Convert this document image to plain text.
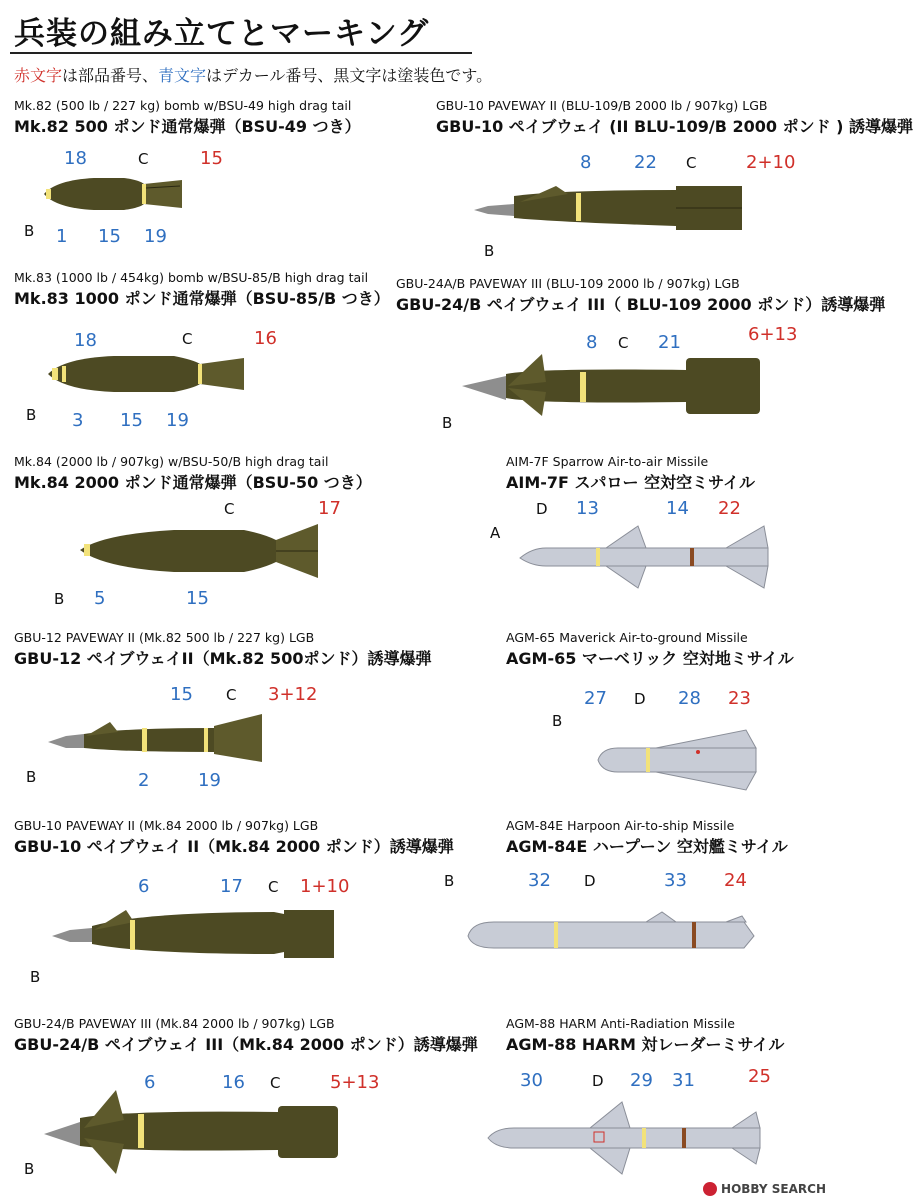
兵装の組み立てとマーキング
赤文字は部品番号、青文字はデカール番号、黒文字は塗装色です。
Mk.82 (500 lb / 227 kg) bomb w/BSU-49 high drag tail
Mk.82 500 ポンド通常爆弾（BSU-49 つき）
18	C	15
B 1 15 19
GBU-10 PAVEWAY II (BLU-109/B 2000 lb / 907kg) LGB
GBU-10 ペイブウェイ (II BLU-109/B 2000 ポンド ) 誘導爆弾
8 22 C	2+10
B
Mk.83 (1000 lb / 454kg) bomb w/BSU-85/B high drag tail
Mk.83 1000 ポンド通常爆弾（BSU-85/B つき）
18	C	16
B 3 15 19
GBU-24A/B PAVEWAY III (BLU-109 2000 lb / 907kg) LGB
GBU-24/B ペイブウェイ III（ BLU-109 2000 ポンド）誘導爆弾
8 C 21	6+13
B
Mk.84 (2000 lb / 907kg) w/BSU-50/B high drag tail
Mk.84 2000 ポンド通常爆弾（BSU-50 つき）
C	17
B 5	15
AIM-7F Sparrow Air-to-air Missile
AIM-7F スパロー 空対空ミサイル
A
D 13	14 22
GBU-12 PAVEWAY II (Mk.82 500 lb / 227 kg) LGB
GBU-12 ペイブウェイII（Mk.82 500ポンド）誘導爆弾
15 C 3+12
B	2	19
AGM-65 Maverick Air-to-ground Missile
AGM-65 マーベリック 空対地ミサイル
B
27 D 28 23
GBU-10 PAVEWAY II (Mk.84 2000 lb / 907kg) LGB
GBU-10 ペイブウェイ II（Mk.84 2000 ポンド）誘導爆弾
6	17 C 1+10
B
AGM-84E Harpoon Air-to-ship Missile
AGM-84E ハープーン 空対艦ミサイル
B	32 D	33 24
GBU-24/B PAVEWAY III (Mk.84 2000 lb / 907kg) LGB
GBU-24/B ペイブウェイ III（Mk.84 2000 ポンド）誘導爆弾
6	16 C	5+13
B
AGM-88 HARM Anti-Radiation Missile
AGM-88 HARM 対レーダーミサイル
30	D 29 31	25
HOBBY SEARCH
